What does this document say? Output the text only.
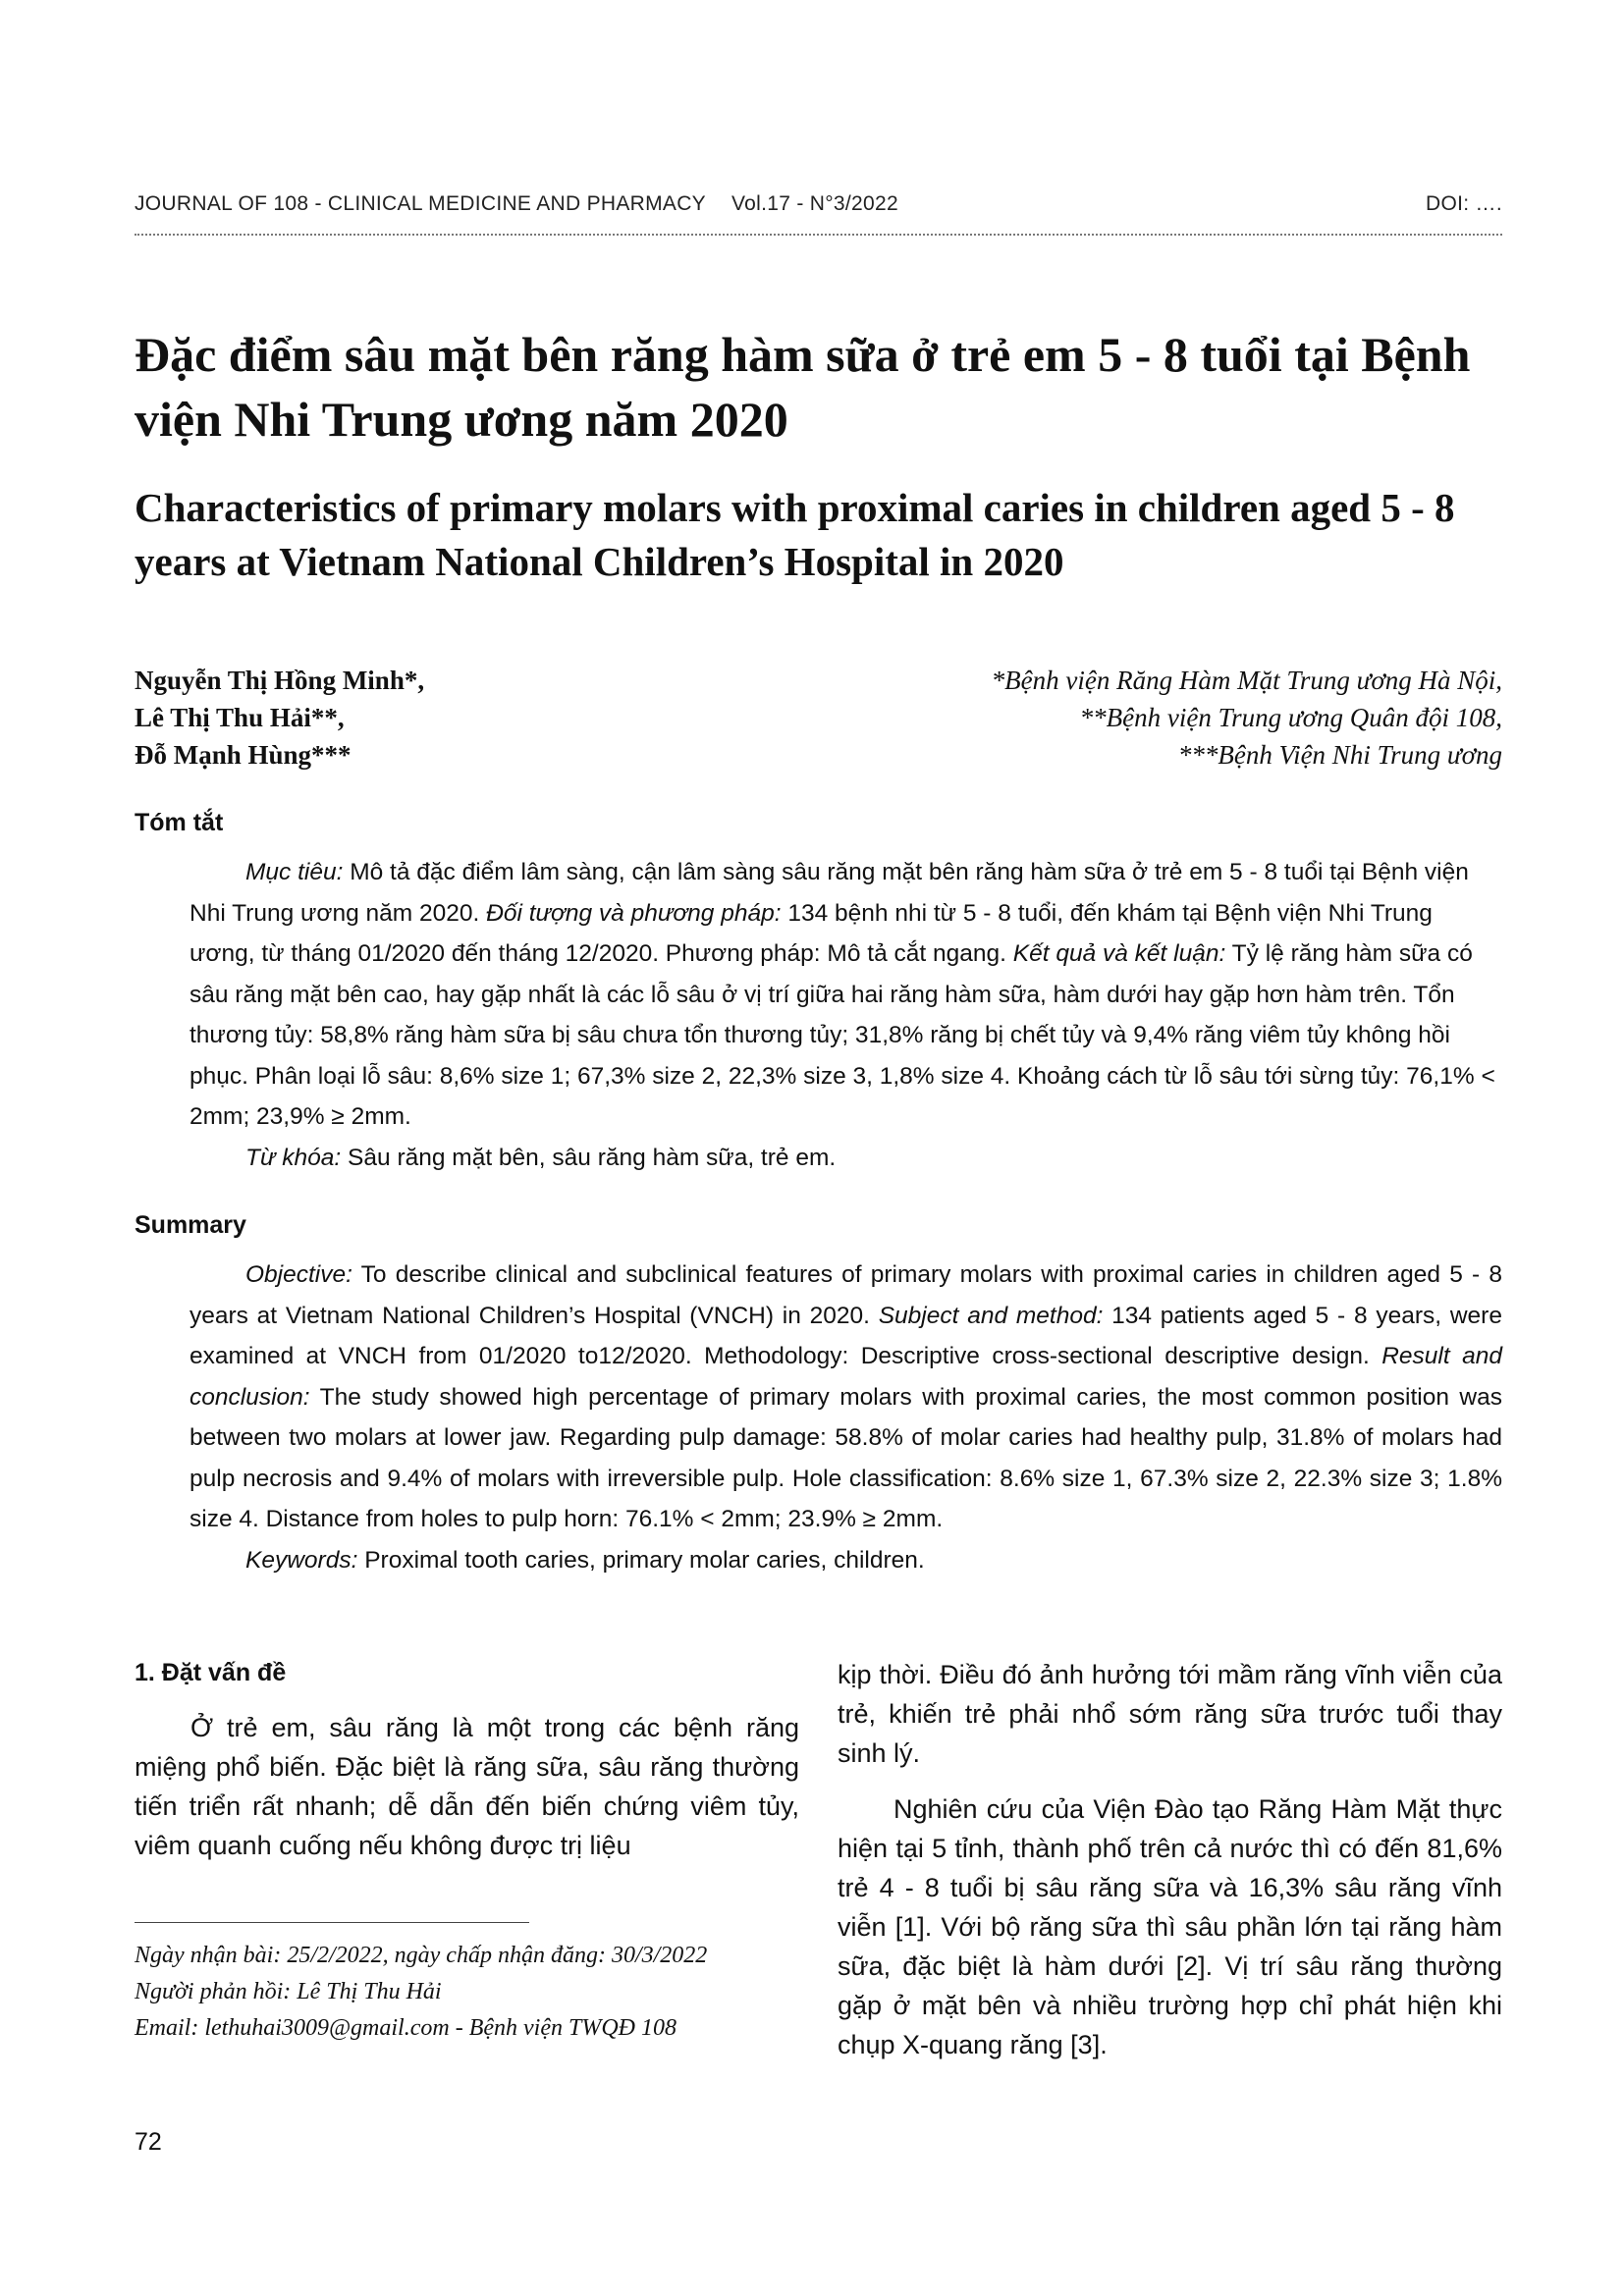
JOURNAL OF 108 - CLINICAL MEDICINE AND PHARMACY Vol.17 - N°3/2022	DOI: ….
Đặc điểm sâu mặt bên răng hàm sữa ở trẻ em 5 - 8 tuổi tại Bệnh viện Nhi Trung ương năm 2020
Characteristics of primary molars with proximal caries in children aged 5 - 8 years at Vietnam National Children’s Hospital in 2020
Nguyễn Thị Hồng Minh*,
Lê Thị Thu Hải**,
Đỗ Mạnh Hùng***
*Bệnh viện Răng Hàm Mặt Trung ương Hà Nội,
**Bệnh viện Trung ương Quân đội 108,
***Bệnh Viện Nhi Trung ương
Tóm tắt

Mục tiêu: Mô tả đặc điểm lâm sàng, cận lâm sàng sâu răng mặt bên răng hàm sữa ở trẻ em 5 - 8 tuổi tại Bệnh viện Nhi Trung ương năm 2020. Đối tượng và phương pháp: 134 bệnh nhi từ 5 - 8 tuổi, đến khám tại Bệnh viện Nhi Trung ương, từ tháng 01/2020 đến tháng 12/2020. Phương pháp: Mô tả cắt ngang. Kết quả và kết luận: Tỷ lệ răng hàm sữa có sâu răng mặt bên cao, hay gặp nhất là các lỗ sâu ở vị trí giữa hai răng hàm sữa, hàm dưới hay gặp hơn hàm trên. Tổn thương tủy: 58,8% răng hàm sữa bị sâu chưa tổn thương tủy; 31,8% răng bị chết tủy và 9,4% răng viêm tủy không hồi phục. Phân loại lỗ sâu: 8,6% size 1; 67,3% size 2, 22,3% size 3, 1,8% size 4. Khoảng cách từ lỗ sâu tới sừng tủy: 76,1% < 2mm; 23,9% ≥ 2mm.

Từ khóa: Sâu răng mặt bên, sâu răng hàm sữa, trẻ em.

Summary

Objective: To describe clinical and subclinical features of primary molars with proximal caries in children aged 5 - 8 years at Vietnam National Children’s Hospital (VNCH) in 2020. Subject and method: 134 patients aged 5 - 8 years, were examined at VNCH from 01/2020 to12/2020. Methodology: Descriptive cross-sectional descriptive design. Result and conclusion: The study showed high percentage of primary molars with proximal caries, the most common position was between two molars at lower jaw. Regarding pulp damage: 58.8% of molar caries had healthy pulp, 31.8% of molars had pulp necrosis and 9.4% of molars with irreversible pulp. Hole classification: 8.6% size 1, 67.3% size 2, 22.3% size 3; 1.8% size 4. Distance from holes to pulp horn: 76.1% < 2mm; 23.9% ≥ 2mm.

Keywords: Proximal tooth caries, primary molar caries, children.

1. Đặt vấn đề

Ở trẻ em, sâu răng là một trong các bệnh răng miệng phổ biến. Đặc biệt là răng sữa, sâu răng thường tiến triển rất nhanh; dễ dẫn đến biến chứng viêm tủy, viêm quanh cuống nếu không được trị liệu

kịp thời. Điều đó ảnh hưởng tới mầm răng vĩnh viễn của trẻ, khiến trẻ phải nhổ sớm răng sữa trước tuổi thay sinh lý.

Nghiên cứu của Viện Đào tạo Răng Hàm Mặt thực hiện tại 5 tỉnh, thành phố trên cả nước thì có đến 81,6% trẻ 4 - 8 tuổi bị sâu răng sữa và 16,3% sâu răng vĩnh viễn [1]. Với bộ răng sữa thì sâu phần lớn tại răng hàm sữa, đặc biệt là hàm dưới [2]. Vị trí sâu răng thường gặp ở mặt bên và nhiều trường hợp chỉ phát hiện khi chụp X-quang răng [3].

Ngày nhận bài: 25/2/2022, ngày chấp nhận đăng: 30/3/2022
Người phản hồi: Lê Thị Thu Hải
Email: lethuhai3009@gmail.com - Bệnh viện TWQĐ 108
72
